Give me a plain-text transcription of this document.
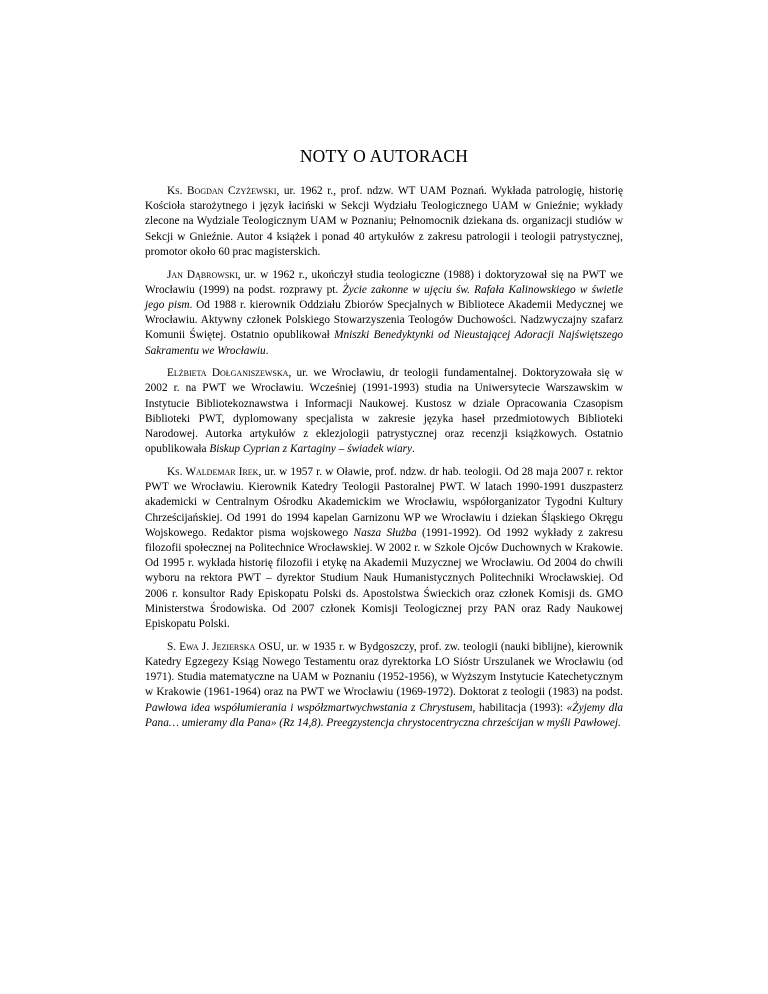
NOTY O AUTORACH

Ks. Bogdan Czyżewski, ur. 1962 r., prof. ndzw. WT UAM Poznań. Wykłada patrologię, historię Kościoła starożytnego i język łaciński w Sekcji Wydziału Teologicznego UAM w Gnieźnie; wykłady zlecone na Wydziale Teologicznym UAM w Poznaniu; Pełnomocnik dziekana ds. organizacji studiów w Sekcji w Gnieźnie. Autor 4 książek i ponad 40 artykułów z zakresu patrologii i teologii patrystycznej, promotor około 60 prac magisterskich.

Jan Dąbrowski, ur. w 1962 r., ukończył studia teologiczne (1988) i doktoryzował się na PWT we Wrocławiu (1999) na podst. rozprawy pt. Życie zakonne w ujęciu św. Rafała Kalinowskiego w świetle jego pism. Od 1988 r. kierownik Oddziału Zbiorów Specjalnych w Bibliotece Akademii Medycznej we Wrocławiu. Aktywny członek Polskiego Stowarzyszenia Teologów Duchowości. Nadzwyczajny szafarz Komunii Świętej. Ostatnio opublikował Mniszki Benedyktynki od Nieustającej Adoracji Najświętszego Sakramentu we Wrocławiu.

Elżbieta Dołganiszewska, ur. we Wrocławiu, dr teologii fundamentalnej. Doktoryzowała się w 2002 r. na PWT we Wrocławiu. Wcześniej (1991-1993) studia na Uniwersytecie Warszawskim w Instytucie Bibliotekoznawstwa i Informacji Naukowej. Kustosz w dziale Opracowania Czasopism Biblioteki PWT, dyplomowany specjalista w zakresie języka haseł przedmiotowych Biblioteki Narodowej. Autorka artykułów z eklezjologii patrystycznej oraz recenzji książkowych. Ostatnio opublikowała Biskup Cyprian z Kartaginy – świadek wiary.

Ks. Waldemar Irek, ur. w 1957 r. w Oławie, prof. ndzw. dr hab. teologii. Od 28 maja 2007 r. rektor PWT we Wrocławiu. Kierownik Katedry Teologii Pastoralnej PWT. W latach 1990-1991 duszpasterz akademicki w Centralnym Ośrodku Akademickim we Wrocławiu, współorganizator Tygodni Kultury Chrześcijańskiej. Od 1991 do 1994 kapelan Garnizonu WP we Wrocławiu i dziekan Śląskiego Okręgu Wojskowego. Redaktor pisma wojskowego Nasza Służba (1991-1992). Od 1992 wykłady z zakresu filozofii społecznej na Politechnice Wrocławskiej. W 2002 r. w Szkole Ojców Duchownych w Krakowie. Od 1995 r. wykłada historię filozofii i etykę na Akademii Muzycznej we Wrocławiu. Od 2004 do chwili wyboru na rektora PWT – dyrektor Studium Nauk Humanistycznych Politechniki Wrocławskiej. Od 2006 r. konsultor Rady Episkopatu Polski ds. Apostolstwa Świeckich oraz członek Komisji ds. GMO Ministerstwa Środowiska. Od 2007 członek Komisji Teologicznej przy PAN oraz Rady Naukowej Episkopatu Polski.

S. Ewa J. Jezierska OSU, ur. w 1935 r. w Bydgoszczy, prof. zw. teologii (nauki biblijne), kierownik Katedry Egzegezy Ksiąg Nowego Testamentu oraz dyrektorka LO Sióstr Urszulanek we Wrocławiu (od 1971). Studia matematyczne na UAM w Poznaniu (1952-1956), w Wyższym Instytucie Katechetycznym w Krakowie (1961-1964) oraz na PWT we Wrocławiu (1969-1972). Doktorat z teologii (1983) na podst. Pawłowa idea współumierania i współzmartwychwstania z Chrystusem, habilitacja (1993): «Żyjemy dla Pana… umieramy dla Pana» (Rz 14,8). Preegzystencja chrystocentryczna chrześcijan w myśli Pawłowej.
